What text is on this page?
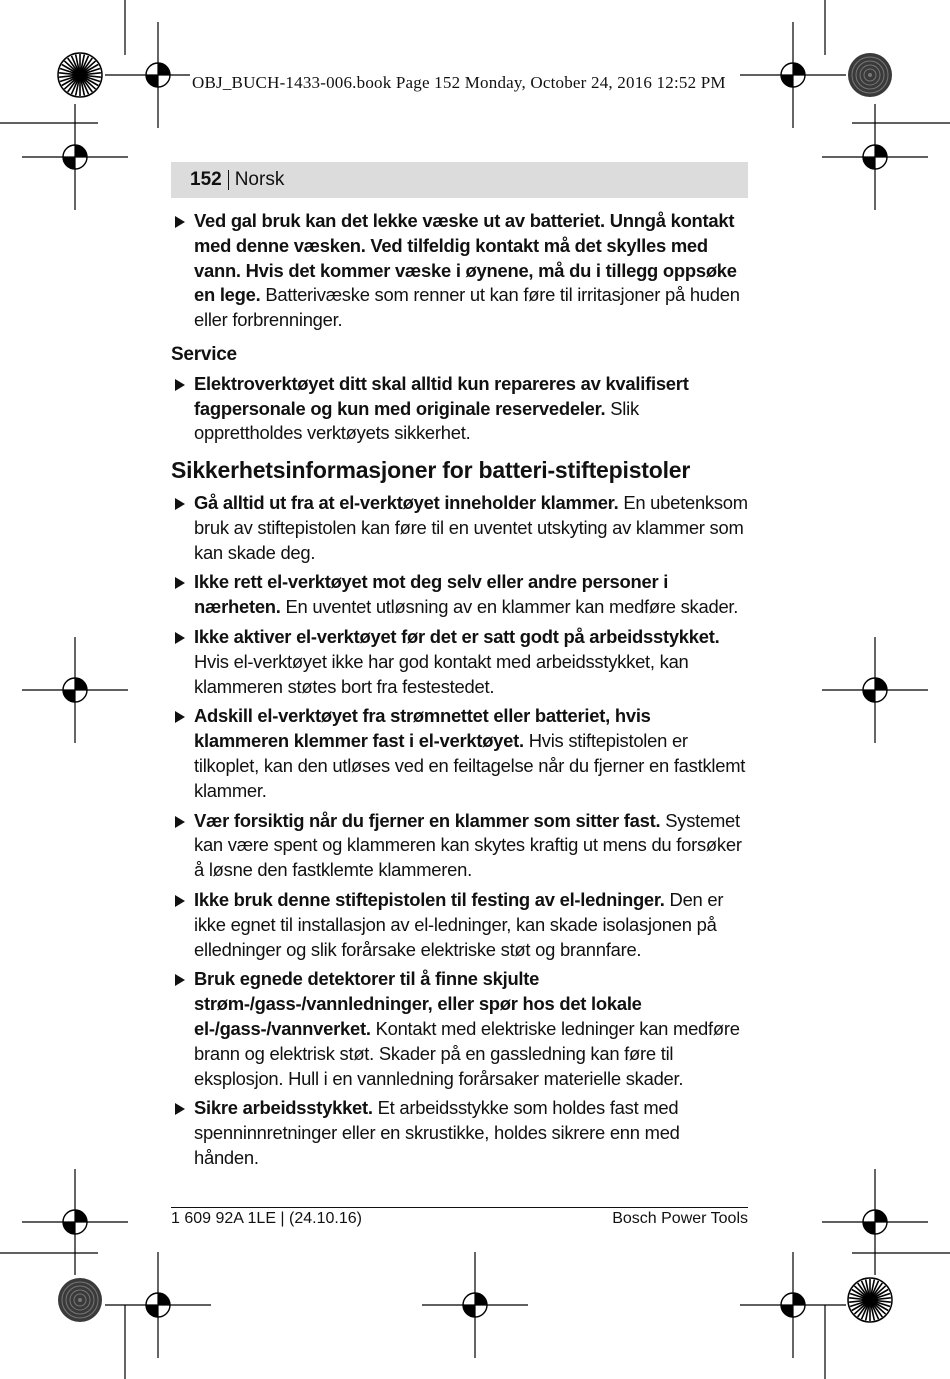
OBJ_BUCH-1433-006.book Page 152 Monday, October 24, 2016 12:52 PM
152 Norsk
Ved gal bruk kan det lekke væske ut av batteriet. Unngå kontakt med denne væsken. Ved tilfeldig kontakt må det skylles med vann. Hvis det kommer væske i øynene, må du i tillegg oppsøke en lege. Batterivæske som renner ut kan føre til irritasjoner på huden eller forbrenninger.
Service
Elektroverktøyet ditt skal alltid kun repareres av kvalifisert fagpersonale og kun med originale reservedeler. Slik opprettholdes verktøyets sikkerhet.
Sikkerhetsinformasjoner for batteri-stiftepistoler
Gå alltid ut fra at el-verktøyet inneholder klammer. En ubetenksom bruk av stiftepistolen kan føre til en uventet utskyting av klammer som kan skade deg.
Ikke rett el-verktøyet mot deg selv eller andre personer i nærheten. En uventet utløsning av en klammer kan medføre skader.
Ikke aktiver el-verktøyet før det er satt godt på arbeidsstykket. Hvis el-verktøyet ikke har god kontakt med arbeidsstykket, kan klammeren støtes bort fra festestedet.
Adskill el-verktøyet fra strømnettet eller batteriet, hvis klammeren klemmer fast i el-verktøyet. Hvis stiftepistolen er tilkoplet, kan den utløses ved en feiltagelse når du fjerner en fastklemt klammer.
Vær forsiktig når du fjerner en klammer som sitter fast. Systemet kan være spent og klammeren kan skytes kraftig ut mens du forsøker å løsne den fastklemte klammeren.
Ikke bruk denne stiftepistolen til festing av el-ledninger. Den er ikke egnet til installasjon av el-ledninger, kan skade isolasjonen på elledninger og slik forårsake elektriske støt og brannfare.
Bruk egnede detektorer til å finne skjulte strøm-/gass-/vannledninger, eller spør hos det lokale el-/gass-/vannverket. Kontakt med elektriske ledninger kan medføre brann og elektrisk støt. Skader på en gassledning kan føre til eksplosjon. Hull i en vannledning forårsaker materielle skader.
Sikre arbeidsstykket. Et arbeidsstykke som holdes fast med spenninnretninger eller en skrustikke, holdes sikrere enn med hånden.
1 609 92A 1LE | (24.10.16)	Bosch Power Tools
